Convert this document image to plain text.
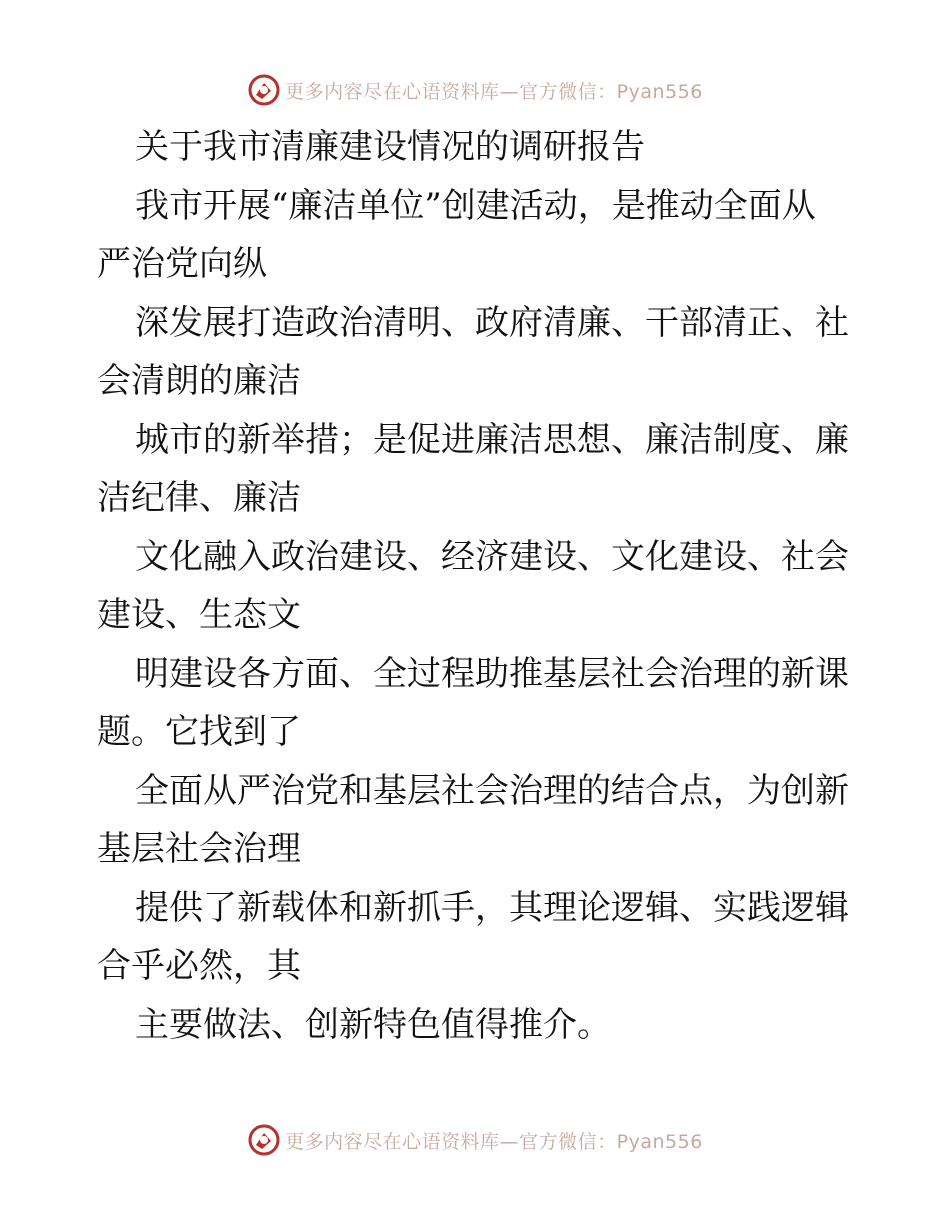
更多内容尽在心语资料库—官方微信：Pyan556
关于我市清廉建设情况的调研报告
我市开展“廉洁单位”创建活动，是推动全面从
严治党向纵
深发展打造政治清明、政府清廉、干部清正、社
会清朗的廉洁
城市的新举措；是促进廉洁思想、廉洁制度、廉
洁纪律、廉洁
文化融入政治建设、经济建设、文化建设、社会
建设、生态文
明建设各方面、全过程助推基层社会治理的新课
题。它找到了
全面从严治党和基层社会治理的结合点，为创新
基层社会治理
提供了新载体和新抓手，其理论逻辑、实践逻辑
合乎必然，其
主要做法、创新特色值得推介。
更多内容尽在心语资料库—官方微信：Pyan556
